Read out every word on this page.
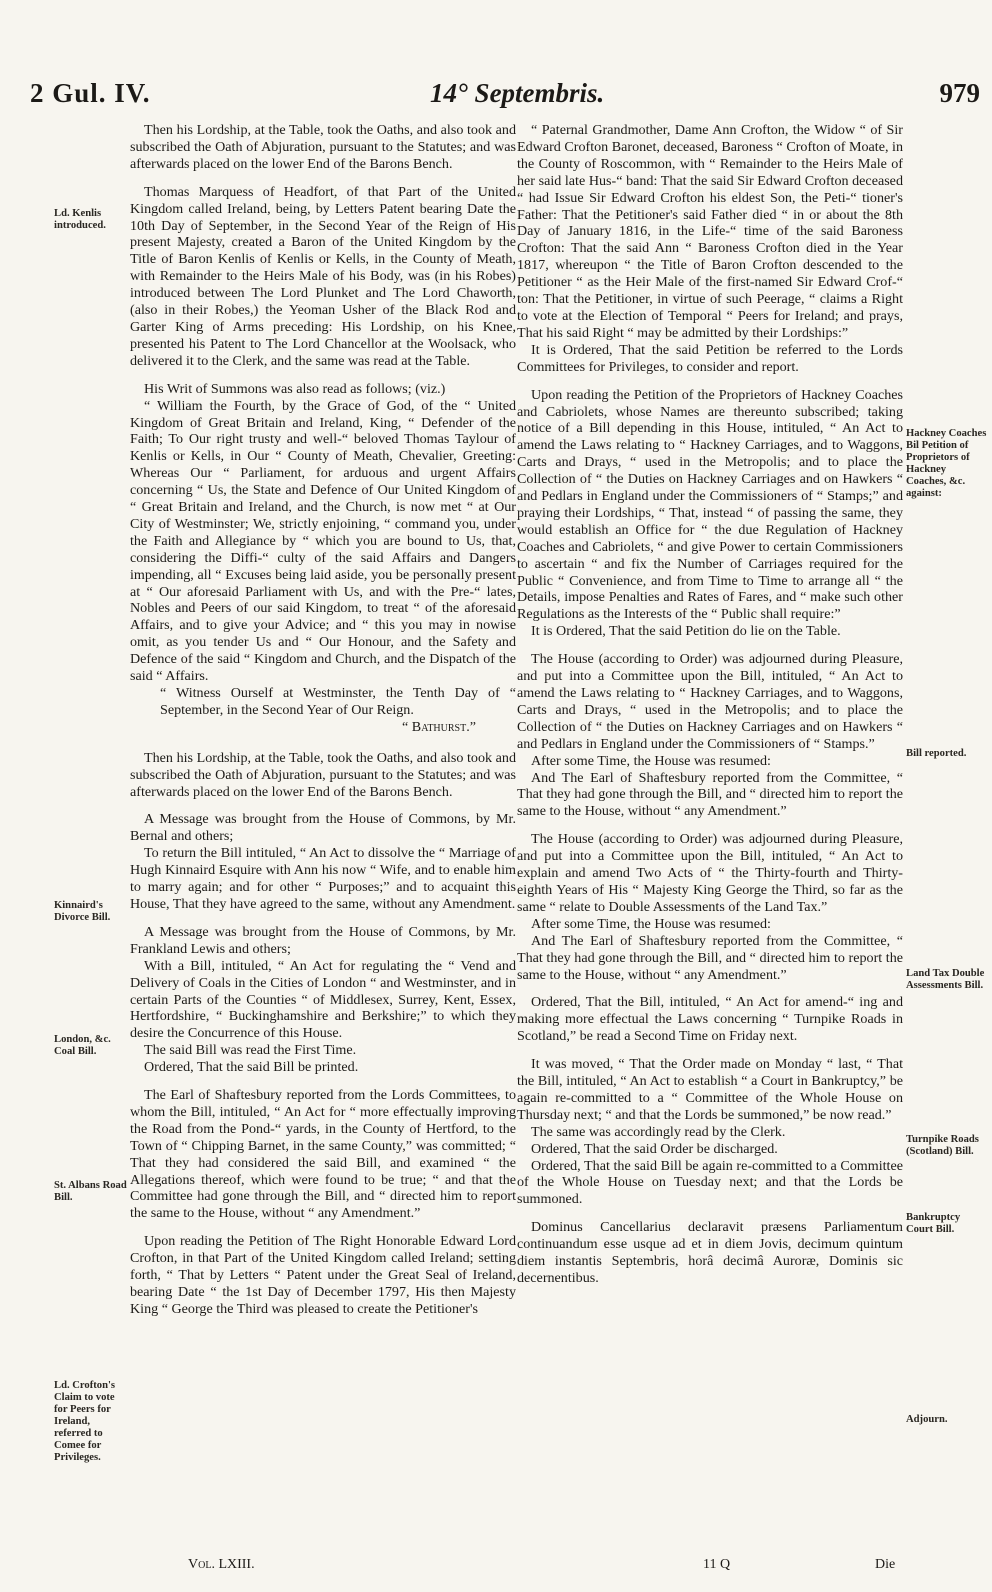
2 Gul. IV.	14° Septembris.	979

Then his Lordship, at the Table, took the Oaths, and also took and subscribed the Oath of Abjuration, pursuant to the Statutes; and was afterwards placed on the lower End of the Barons Bench.

Thomas Marquess of Headfort, of that Part of the United Kingdom called Ireland, being, by Letters Patent bearing Date the 10th Day of September, in the Second Year of the Reign of His present Majesty, created a Baron of the United Kingdom by the Title of Baron Kenlis of Kenlis or Kells, in the County of Meath, with Remainder to the Heirs Male of his Body, was (in his Robes) introduced between The Lord Plunket and The Lord Chaworth, (also in their Robes,) the Yeoman Usher of the Black Rod and Garter King of Arms preceding: His Lordship, on his Knee, presented his Patent to The Lord Chancellor at the Woolsack, who delivered it to the Clerk, and the same was read at the Table.

His Writ of Summons was also read as follows; (viz.)

“ William the Fourth, by the Grace of God, of the “ United Kingdom of Great Britain and Ireland, King, “ Defender of the Faith; To Our right trusty and well-“ beloved Thomas Taylour of Kenlis or Kells, in Our “ County of Meath, Chevalier, Greeting: Whereas Our “ Parliament, for arduous and urgent Affairs concerning “ Us, the State and Defence of Our United Kingdom of “ Great Britain and Ireland, and the Church, is now met “ at Our City of Westminster; We, strictly enjoining, “ command you, under the Faith and Allegiance by “ which you are bound to Us, that, considering the Diffi-“ culty of the said Affairs and Dangers impending, all “ Excuses being laid aside, you be personally present at “ Our aforesaid Parliament with Us, and with the Pre-“ lates, Nobles and Peers of our said Kingdom, to treat “ of the aforesaid Affairs, and to give your Advice; and “ this you may in nowise omit, as you tender Us and “ Our Honour, and the Safety and Defence of the said “ Kingdom and Church, and the Dispatch of the said “ Affairs.

“ Witness Ourself at Westminster, the Tenth Day of “ September, in the Second Year of Our Reign.

“ Bathurst.”

Then his Lordship, at the Table, took the Oaths, and also took and subscribed the Oath of Abjuration, pursuant to the Statutes; and was afterwards placed on the lower End of the Barons Bench.

A Message was brought from the House of Commons, by Mr. Bernal and others;

To return the Bill intituled, “ An Act to dissolve the “ Marriage of Hugh Kinnaird Esquire with Ann his now “ Wife, and to enable him to marry again; and for other “ Purposes;” and to acquaint this House, That they have agreed to the same, without any Amendment.

A Message was brought from the House of Commons, by Mr. Frankland Lewis and others;

With a Bill, intituled, “ An Act for regulating the “ Vend and Delivery of Coals in the Cities of London “ and Westminster, and in certain Parts of the Counties “ of Middlesex, Surrey, Kent, Essex, Hertfordshire, “ Buckinghamshire and Berkshire;” to which they desire the Concurrence of this House.

The said Bill was read the First Time.

Ordered, That the said Bill be printed.

The Earl of Shaftesbury reported from the Lords Committees, to whom the Bill, intituled, “ An Act for “ more effectually improving the Road from the Pond-“ yards, in the County of Hertford, to the Town of “ Chipping Barnet, in the same County,” was committed; “ That they had considered the said Bill, and examined “ the Allegations thereof, which were found to be true; “ and that the Committee had gone through the Bill, and “ directed him to report the same to the House, without “ any Amendment.”

Upon reading the Petition of The Right Honorable Edward Lord Crofton, in that Part of the United Kingdom called Ireland; setting forth, “ That by Letters “ Patent under the Great Seal of Ireland, bearing Date “ the 1st Day of December 1797, His then Majesty King “ George the Third was pleased to create the Petitioner's

“ Paternal Grandmother, Dame Ann Crofton, the Widow “ of Sir Edward Crofton Baronet, deceased, Baroness “ Crofton of Moate, in the County of Roscommon, with “ Remainder to the Heirs Male of her said late Hus-“ band: That the said Sir Edward Crofton deceased “ had Issue Sir Edward Crofton his eldest Son, the Peti-“ tioner's Father: That the Petitioner's said Father died “ in or about the 8th Day of January 1816, in the Life-“ time of the said Baroness Crofton: That the said Ann “ Baroness Crofton died in the Year 1817, whereupon “ the Title of Baron Crofton descended to the Petitioner “ as the Heir Male of the first-named Sir Edward Crof-“ ton: That the Petitioner, in virtue of such Peerage, “ claims a Right to vote at the Election of Temporal “ Peers for Ireland; and prays, That his said Right “ may be admitted by their Lordships:”

It is Ordered, That the said Petition be referred to the Lords Committees for Privileges, to consider and report.

Upon reading the Petition of the Proprietors of Hackney Coaches and Cabriolets, whose Names are thereunto subscribed; taking notice of a Bill depending in this House, intituled, “ An Act to amend the Laws relating to “ Hackney Carriages, and to Waggons, Carts and Drays, “ used in the Metropolis; and to place the Collection of “ the Duties on Hackney Carriages and on Hawkers “ and Pedlars in England under the Commissioners of “ Stamps;” and praying their Lordships, “ That, instead “ of passing the same, they would establish an Office for “ the due Regulation of Hackney Coaches and Cabriolets, “ and give Power to certain Commissioners to ascertain “ and fix the Number of Carriages required for the Public “ Convenience, and from Time to Time to arrange all “ the Details, impose Penalties and Rates of Fares, and “ make such other Regulations as the Interests of the “ Public shall require:”

It is Ordered, That the said Petition do lie on the Table.

The House (according to Order) was adjourned during Pleasure, and put into a Committee upon the Bill, intituled, “ An Act to amend the Laws relating to “ Hackney Carriages, and to Waggons, Carts and Drays, “ used in the Metropolis; and to place the Collection of “ the Duties on Hackney Carriages and on Hawkers “ and Pedlars in England under the Commissioners of “ Stamps.”

After some Time, the House was resumed:

And The Earl of Shaftesbury reported from the Committee, “ That they had gone through the Bill, and “ directed him to report the same to the House, without “ any Amendment.”

The House (according to Order) was adjourned during Pleasure, and put into a Committee upon the Bill, intituled, “ An Act to explain and amend Two Acts of “ the Thirty-fourth and Thirty-eighth Years of His “ Majesty King George the Third, so far as the same “ relate to Double Assessments of the Land Tax.”

After some Time, the House was resumed:

And The Earl of Shaftesbury reported from the Committee, “ That they had gone through the Bill, and “ directed him to report the same to the House, without “ any Amendment.”

Ordered, That the Bill, intituled, “ An Act for amend-“ ing and making more effectual the Laws concerning “ Turnpike Roads in Scotland,” be read a Second Time on Friday next.

It was moved, “ That the Order made on Monday “ last, “ That the Bill, intituled, “ An Act to establish “ a Court in Bankruptcy,” be again re-committed to a “ Committee of the Whole House on Thursday next; “ and that the Lords be summoned,” be now read.”

The same was accordingly read by the Clerk.

Ordered, That the said Order be discharged.

Ordered, That the said Bill be again re-committed to a Committee of the Whole House on Tuesday next; and that the Lords be summoned.

Dominus Cancellarius declaravit præsens Parliamentum continuandum esse usque ad et in diem Jovis, decimum quintum diem instantis Septembris, horâ decimâ Auroræ, Dominis sic decernentibus.

Ld. Kenlis introduced.
Kinnaird's Divorce Bill.
London, &c. Coal Bill.
St. Albans Road Bill.
Ld. Crofton's Claim to vote for Peers for Ireland, referred to Comee for Privileges.
Hackney Coaches Bil Petition of Proprietors of Hackney Coaches, &c. against:
Bill reported.
Land Tax Double Assessments Bill.
Turnpike Roads (Scotland) Bill.
Bankruptcy Court Bill.
Adjourn.
Vol. LXIII.	11 Q	Die
